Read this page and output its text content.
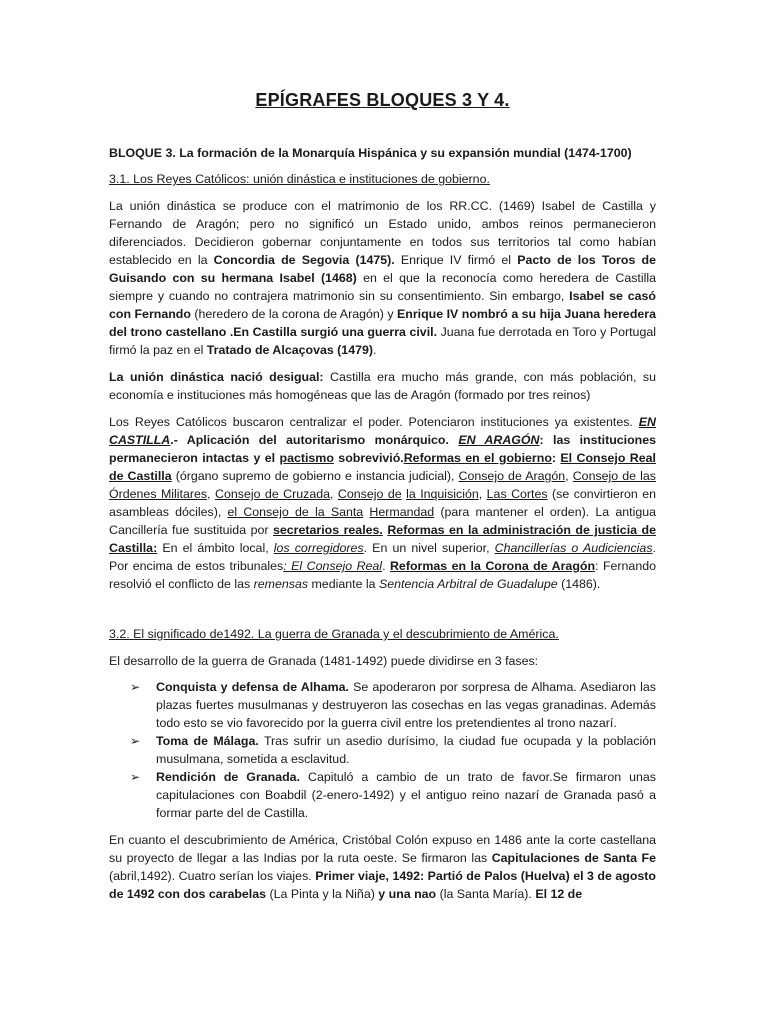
EPÍGRAFES BLOQUES 3 Y 4.

BLOQUE 3. La formación de la Monarquía Hispánica y su expansión mundial (1474-1700)

3.1. Los Reyes Católicos: unión dinástica e instituciones de gobierno.

La unión dinástica se produce con el matrimonio de los RR.CC. (1469) Isabel de Castilla y Fernando de Aragón; pero no significó un Estado unido, ambos reinos permanecieron diferenciados. Decidieron gobernar conjuntamente en todos sus territorios tal como habían establecido en la Concordia de Segovia (1475). Enrique IV firmó el Pacto de los Toros de Guisando con su hermana Isabel (1468) en el que la reconocía como heredera de Castilla siempre y cuando no contrajera matrimonio sin su consentimiento. Sin embargo, Isabel se casó con Fernando (heredero de la corona de Aragón) y Enrique IV nombró a su hija Juana heredera del trono castellano .En Castilla surgió una guerra civil. Juana fue derrotada en Toro y Portugal firmó la paz en el Tratado de Alcaçovas (1479).

La unión dinástica nació desigual: Castilla era mucho más grande, con más población, su economía e instituciones más homogéneas que las de Aragón (formado por tres reinos)

Los Reyes Católicos buscaron centralizar el poder. Potenciaron instituciones ya existentes. EN CASTILLA.- Aplicación del autoritarismo monárquico. EN ARAGÓN: las instituciones permanecieron intactas y el pactismo sobrevivió.Reformas en el gobierno: El Consejo Real de Castilla (órgano supremo de gobierno e instancia judicial), Consejo de Aragón, Consejo de las Órdenes Militares, Consejo de Cruzada, Consejo de la Inquisición, Las Cortes (se convirtieron en asambleas dóciles), el Consejo de la Santa Hermandad (para mantener el orden). La antigua Cancillería fue sustituida por secretarios reales. Reformas en la administración de justicia de Castilla: En el ámbito local, los corregidores. En un nivel superior, Chancillerías o Audiciencias. Por encima de estos tribunales: El Consejo Real. Reformas en la Corona de Aragón: Fernando resolvió el conflicto de las remensas mediante la Sentencia Arbitral de Guadalupe (1486).

3.2. El significado de1492. La guerra de Granada y el descubrimiento de América.

El desarrollo de la guerra de Granada (1481-1492) puede dividirse en 3 fases:

➢ Conquista y defensa de Alhama. Se apoderaron por sorpresa de Alhama. Asediaron las plazas fuertes musulmanas y destruyeron las cosechas en las vegas granadinas. Además todo esto se vio favorecido por la guerra civil entre los pretendientes al trono nazarí.
➢ Toma de Málaga. Tras sufrir un asedio durísimo, la ciudad fue ocupada y la población musulmana, sometida a esclavitud.
➢ Rendición de Granada. Capituló a cambio de un trato de favor.Se firmaron unas capitulaciones con Boabdil (2-enero-1492) y el antiguo reino nazarí de Granada pasó a formar parte del de Castilla.

En cuanto el descubrimiento de América, Cristóbal Colón expuso en 1486 ante la corte castellana su proyecto de llegar a las Indias por la ruta oeste. Se firmaron las Capitulaciones de Santa Fe (abril,1492). Cuatro serían los viajes. Primer viaje, 1492: Partió de Palos (Huelva) el 3 de agosto de 1492 con dos carabelas (La Pinta y la Niña) y una nao (la Santa María). El 12 de
